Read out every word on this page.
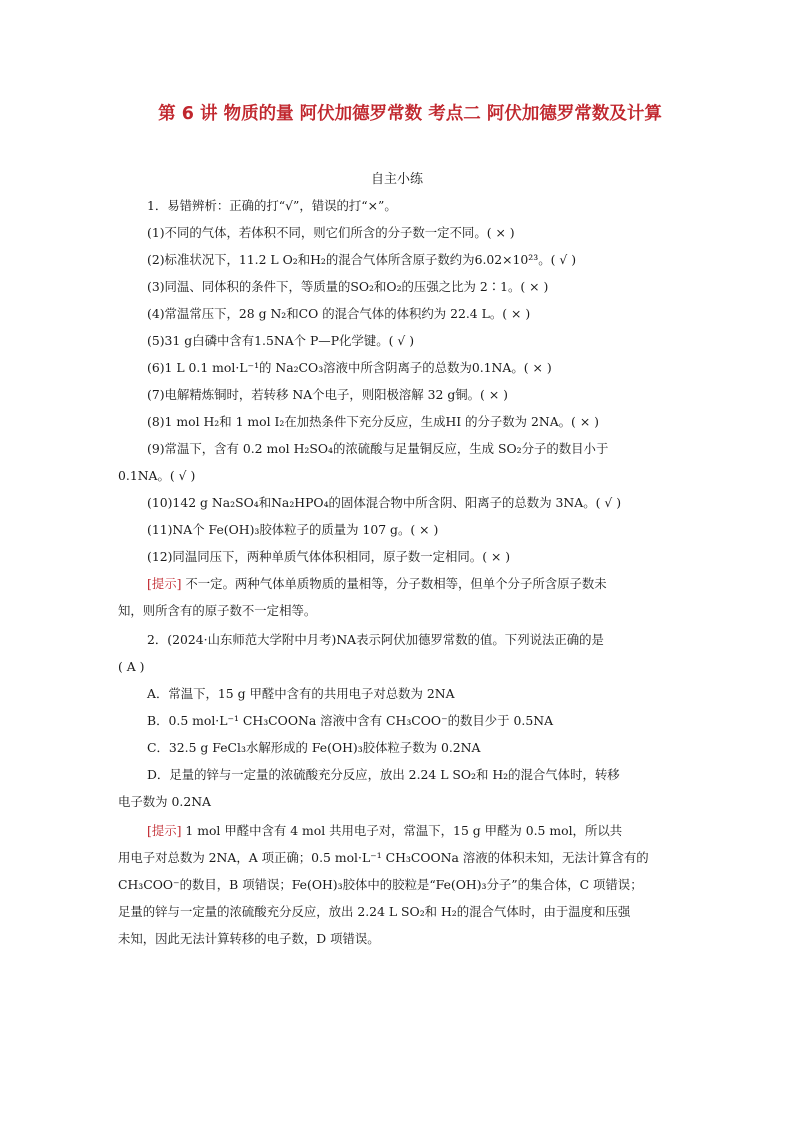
第 6 讲 物质的量 阿伏加德罗常数 考点二 阿伏加德罗常数及计算
自主小练
1．易错辨析：正确的打“√”，错误的打“×”。
(1)不同的气体，若体积不同，则它们所含的分子数一定不同。( × )
(2)标准状况下，11.2 L O₂和H₂的混合气体所含原子数约为6.02×10²³。( √ )
(3)同温、同体积的条件下，等质量的SO₂和O₂的压强之比为 2∶1。( × )
(4)常温常压下，28 g N₂和CO 的混合气体的体积约为 22.4 L。( × )
(5)31 g白磷中含有1.5NA个 P—P化学键。( √ )
(6)1 L 0.1 mol·L⁻¹的 Na₂CO₃溶液中所含阴离子的总数为0.1NA。( × )
(7)电解精炼铜时，若转移 NA个电子，则阳极溶解 32 g铜。( × )
(8)1 mol H₂和 1 mol I₂在加热条件下充分反应，生成HI 的分子数为 2NA。( × )
(9)常温下，含有 0.2 mol H₂SO₄的浓硫酸与足量铜反应，生成 SO₂分子的数目小于
0.1NA。( √ )
(10)142 g Na₂SO₄和Na₂HPO₄的固体混合物中所含阴、阳离子的总数为 3NA。( √ )
(11)NA个 Fe(OH)₃胶体粒子的质量为 107 g。( × )
(12)同温同压下，两种单质气体体积相同，原子数一定相同。( × )
[提示] 不一定。两种气体单质物质的量相等，分子数相等，但单个分子所含原子数未
知，则所含有的原子数不一定相等。
2．(2024·山东师范大学附中月考)NA表示阿伏加德罗常数的值。下列说法正确的是
( A )
A．常温下，15 g 甲醛中含有的共用电子对总数为 2NA
B．0.5 mol·L⁻¹ CH₃COONa 溶液中含有 CH₃COO⁻的数目少于 0.5NA
C．32.5 g FeCl₃水解形成的 Fe(OH)₃胶体粒子数为 0.2NA
D．足量的锌与一定量的浓硫酸充分反应，放出 2.24 L SO₂和 H₂的混合气体时，转移
电子数为 0.2NA
[提示] 1 mol 甲醛中含有 4 mol 共用电子对，常温下，15 g 甲醛为 0.5 mol，所以共
用电子对总数为 2NA，A 项正确；0.5 mol·L⁻¹ CH₃COONa 溶液的体积未知，无法计算含有的
CH₃COO⁻的数目，B 项错误；Fe(OH)₃胶体中的胶粒是“Fe(OH)₃分子”的集合体，C 项错误；
足量的锌与一定量的浓硫酸充分反应，放出 2.24 L SO₂和 H₂的混合气体时，由于温度和压强
未知，因此无法计算转移的电子数，D 项错误。
